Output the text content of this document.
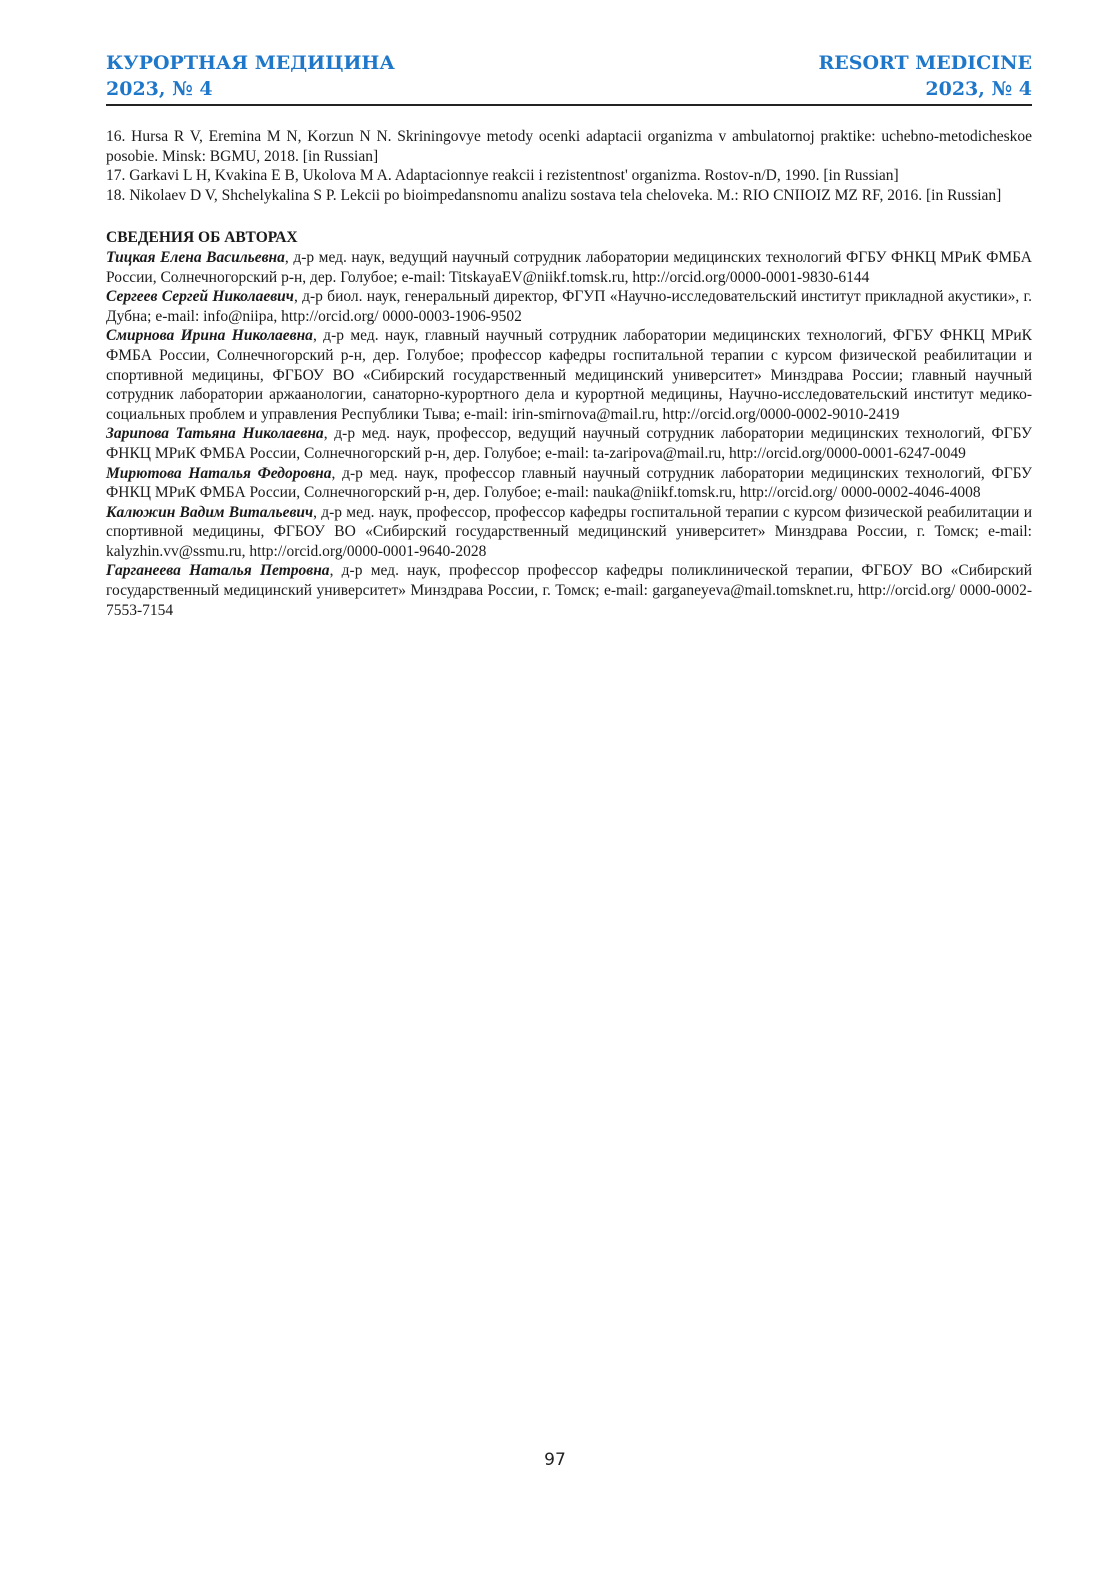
КУРОРТНАЯ МЕДИЦИНА
2023, № 4
RESORT MEDICINE
2023, № 4

16. Hursa R V, Eremina M N, Korzun N N. Skriningovye metody ocenki adaptacii organizma v ambulatornoj praktike: uchebno-metodicheskoe posobie. Minsk: BGMU, 2018. [in Russian]

17. Garkavi L H, Kvakina E B, Ukolova M A. Adaptacionnye reakcii i rezistentnost' organizma. Rostov-n/D, 1990. [in Russian]

18. Nikolaev D V, Shchelykalina S P. Lekcii po bioimpedansnomu analizu sostava tela cheloveka. M.: RIO CNIIOIZ MZ RF, 2016. [in Russian]

СВЕДЕНИЯ ОБ АВТОРАХ

Тицкая Елена Васильевна, д-р мед. наук, ведущий научный сотрудник лаборатории медицинских технологий ФГБУ ФНКЦ МРиК ФМБА России, Солнечногорский р-н, дер. Голубое; e-mail: TitskayaEV@niikf.tomsk.ru, http://orcid.org/0000-0001-9830-6144

Сергеев Сергей Николаевич, д-р биол. наук, генеральный директор, ФГУП «Научно-исследовательский институт прикладной акустики», г. Дубна; e-mail: info@niipa, http://orcid.org/ 0000-0003-1906-9502

Смирнова Ирина Николаевна, д-р мед. наук, главный научный сотрудник лаборатории медицинских технологий, ФГБУ ФНКЦ МРиК ФМБА России, Солнечногорский р-н, дер. Голубое; профессор кафедры госпитальной терапии с курсом физической реабилитации и спортивной медицины, ФГБОУ ВО «Сибирский государственный медицинский университет» Минздрава России; главный научный сотрудник лаборатории аржаанологии, санаторно-курортного дела и курортной медицины, Научно-исследовательский институт медико-социальных проблем и управления Республики Тыва; e-mail: irin-smirnova@mail.ru, http://orcid.org/0000-0002-9010-2419

Зарипова Татьяна Николаевна, д-р мед. наук, профессор, ведущий научный сотрудник лаборатории медицинских технологий, ФГБУ ФНКЦ МРиК ФМБА России, Солнечногорский р-н, дер. Голубое; e-mail: ta-zaripova@mail.ru, http://orcid.org/0000-0001-6247-0049

Мирютова Наталья Федоровна, д-р мед. наук, профессор главный научный сотрудник лаборатории медицинских технологий, ФГБУ ФНКЦ МРиК ФМБА России, Солнечногорский р-н, дер. Голубое; e-mail: nauka@niikf.tomsk.ru, http://orcid.org/ 0000-0002-4046-4008

Калюжин Вадим Витальевич, д-р мед. наук, профессор, профессор кафедры госпитальной терапии с курсом физической реабилитации и спортивной медицины, ФГБОУ ВО «Сибирский государственный медицинский университет» Минздрава России, г. Томск; e-mail: kalyzhin.vv@ssmu.ru, http://orcid.org/0000-0001-9640-2028

Гарганеева Наталья Петровна, д-р мед. наук, профессор профессор кафедры поликлинической терапии, ФГБОУ ВО «Сибирский государственный медицинский университет» Минздрава России, г. Томск; e-mail: garganeyeva@mail.tomsknet.ru, http://orcid.org/ 0000-0002-7553-7154

97
